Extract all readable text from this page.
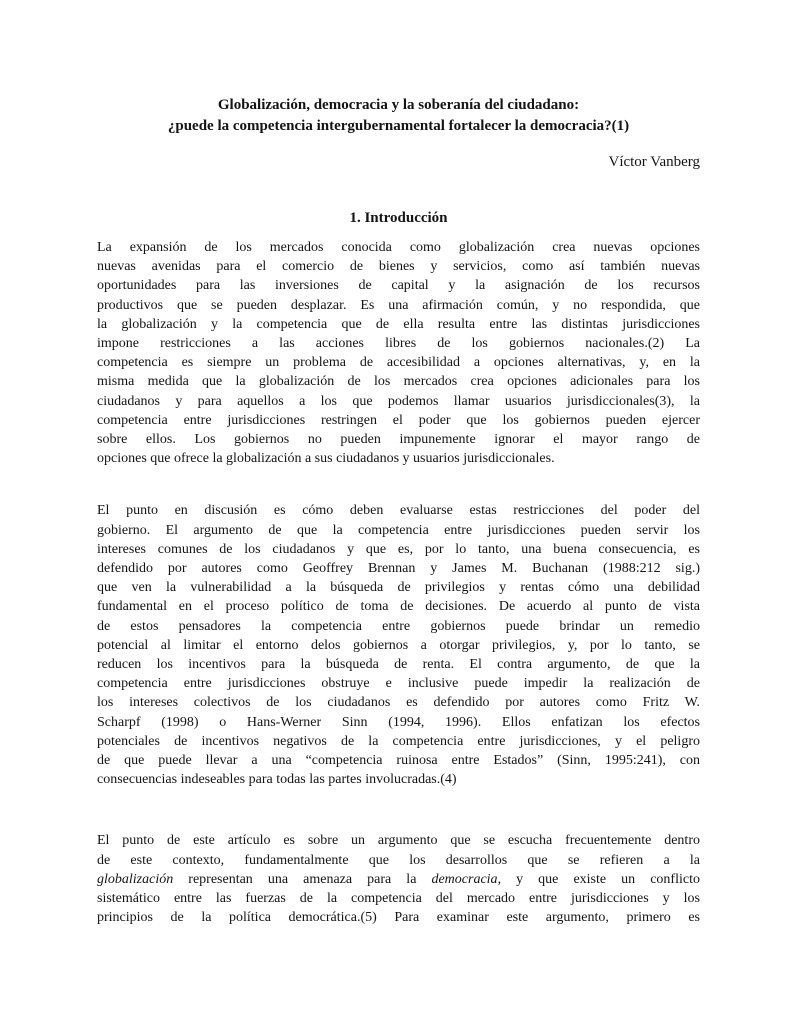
Globalización, democracia y la soberanía del ciudadano:
¿puede la competencia intergubernamental fortalecer la democracia?(1)
Víctor Vanberg
1. Introducción
La expansión de los mercados conocida como globalización crea nuevas opciones
nuevas avenidas para el comercio de bienes y servicios, como así también nuevas
oportunidades para las inversiones de capital y la asignación de los recursos
productivos que se pueden desplazar. Es una afirmación común, y no respondida, que
la globalización y la competencia que de ella resulta entre las distintas jurisdicciones
impone restricciones a las acciones libres de los gobiernos nacionales.(2) La
competencia es siempre un problema de accesibilidad a opciones alternativas, y, en la
misma medida que la globalización de los mercados crea opciones adicionales para los
ciudadanos y para aquellos a los que podemos llamar usuarios jurisdiccionales(3), la
competencia entre jurisdicciones restringen el poder que los gobiernos pueden ejercer
sobre ellos. Los gobiernos no pueden impunemente ignorar el mayor rango de
opciones que ofrece la globalización a sus ciudadanos y usuarios jurisdiccionales.
El punto en discusión es cómo deben evaluarse estas restricciones del poder del
gobierno. El argumento de que la competencia entre jurisdicciones pueden servir los
intereses comunes de los ciudadanos y que es, por lo tanto, una buena consecuencia, es
defendido por autores como Geoffrey Brennan y James M. Buchanan (1988:212 sig.)
que ven la vulnerabilidad a la búsqueda de privilegios y rentas cómo una debilidad
fundamental en el proceso político de toma de decisiones. De acuerdo al punto de vista
de estos pensadores la competencia entre gobiernos puede brindar un remedio
potencial al limitar el entorno delos gobiernos a otorgar privilegios, y, por lo tanto, se
reducen los incentivos para la búsqueda de renta. El contra argumento, de que la
competencia entre jurisdicciones obstruye e inclusive puede impedir la realización de
los intereses colectivos de los ciudadanos es defendido por autores como Fritz W.
Scharpf (1998) o Hans-Werner Sinn (1994, 1996). Ellos enfatizan los efectos
potenciales de incentivos negativos de la competencia entre jurisdicciones, y el peligro
de que puede llevar a una “competencia ruinosa entre Estados” (Sinn, 1995:241), con
consecuencias indeseables para todas las partes involucradas.(4)
El punto de este artículo es sobre un argumento que se escucha frecuentemente dentro
de este contexto, fundamentalmente que los desarrollos que se refieren a la
globalización representan una amenaza para la democracia, y que existe un conflicto
sistemático entre las fuerzas de la competencia del mercado entre jurisdicciones y los
principios de la política democrática.(5) Para examinar este argumento, primero es
